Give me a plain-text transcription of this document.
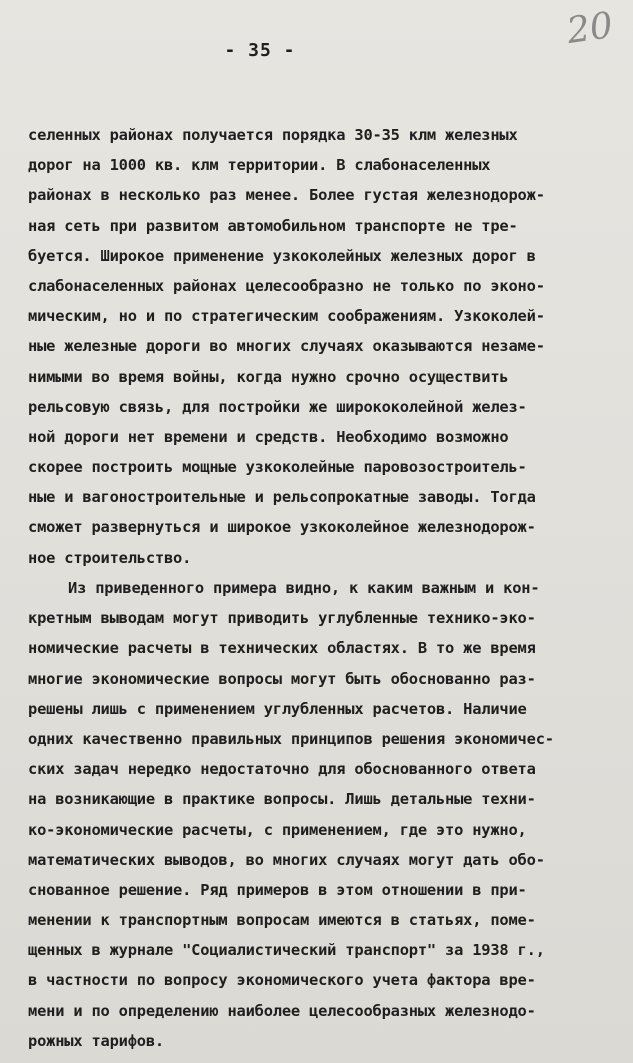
- 35 -	20
селенных районах получается порядка 30-35 клм железных
дорог на 1000 кв. клм территории. В слабонаселенных
районах в несколько раз менее. Более густая железнодорож-
ная сеть при развитом автомобильном транспорте не тре-
буется. Широкое применение узкоколейных железных дорог в
слабонаселенных районах целесообразно не только по эконо-
мическим, но и по стратегическим соображениям. Узкоколей-
ные железные дороги во многих случаях оказываются незаме-
нимыми во время войны, когда нужно срочно осуществить
рельсовую связь, для постройки же ширококолейной желез-
ной дороги нет времени и средств. Необходимо возможно
скорее построить мощные узкоколейные паровозостроитель-
ные и вагоностроительные и рельсопрокатные заводы. Тогда
сможет развернуться и широкое узкоколейное железнодорож-
ное строительство.
Из приведенного примера видно, к каким важным и кон-
кретным выводам могут приводить углубленные технико-эко-
номические расчеты в технических областях. В то же время
многие экономические вопросы могут быть обоснованно раз-
решены лишь с применением углубленных расчетов. Наличие
одних качественно правильных принципов решения экономичес-
ских задач нередко недостаточно для обоснованного ответа
на возникающие в практике вопросы. Лишь детальные техни-
ко-экономические расчеты, с применением, где это нужно,
математических выводов, во многих случаях могут дать обо-
снованное решение. Ряд примеров в этом отношении в при-
менении к транспортным вопросам имеются в статьях, поме-
щенных в журнале "Социалистический транспорт" за 1938 г.,
в частности по вопросу экономического учета фактора вре-
мени и по определению наиболее целесообразных железнодо-
рожных тарифов.
